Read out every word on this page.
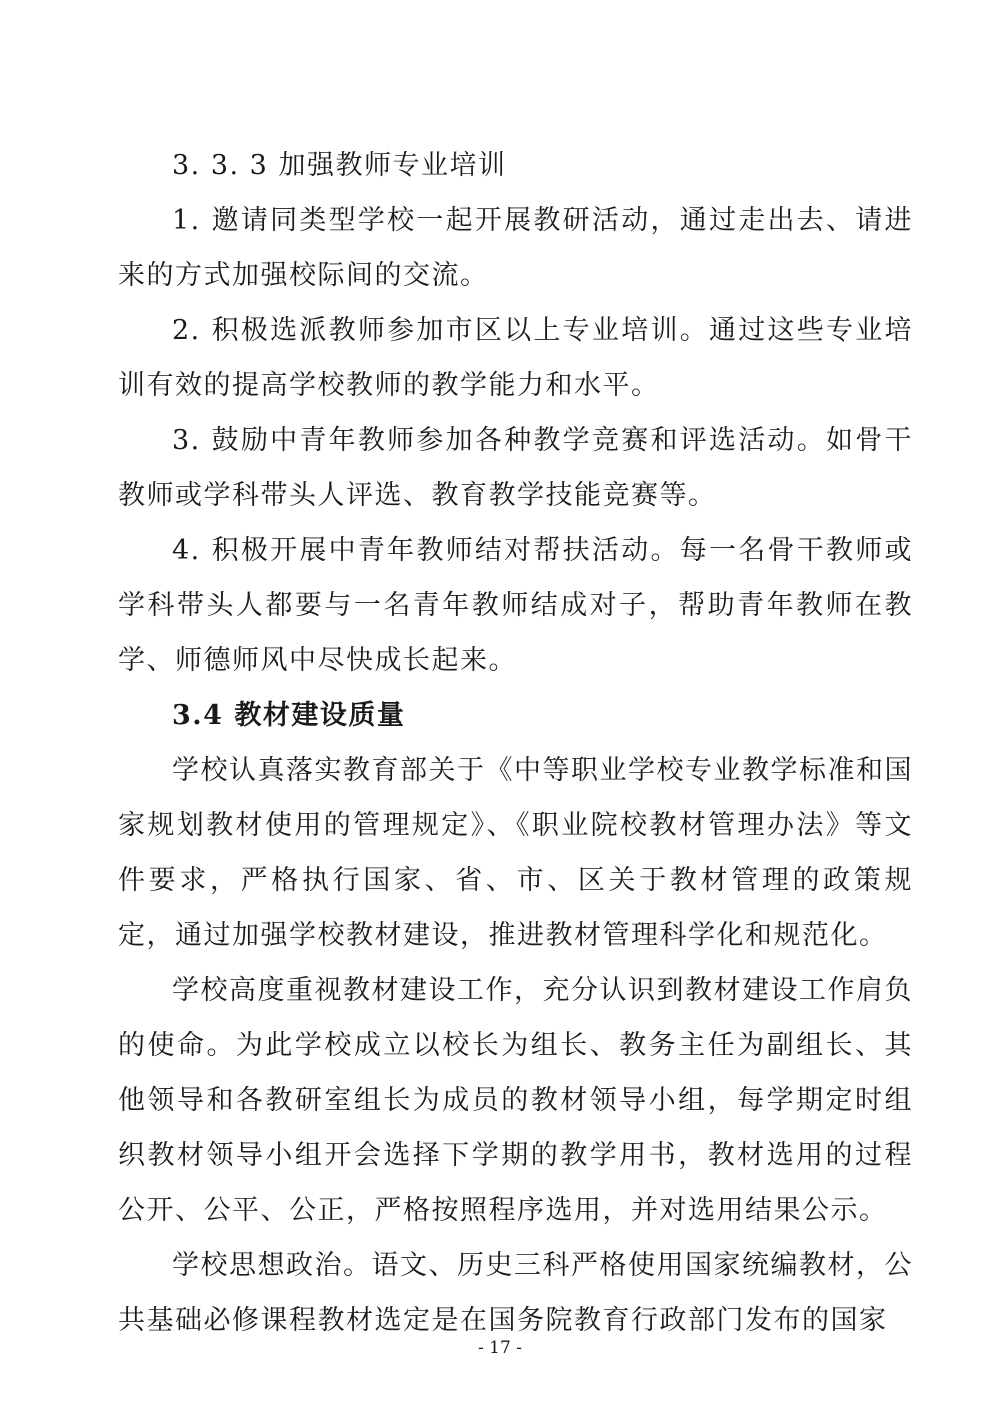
3. 3. 3 加强教师专业培训

1. 邀请同类型学校一起开展教研活动，通过走出去、请进来的方式加强校际间的交流。

2. 积极选派教师参加市区以上专业培训。通过这些专业培训有效的提高学校教师的教学能力和水平。

3. 鼓励中青年教师参加各种教学竞赛和评选活动。如骨干教师或学科带头人评选、教育教学技能竞赛等。

4. 积极开展中青年教师结对帮扶活动。每一名骨干教师或学科带头人都要与一名青年教师结成对子，帮助青年教师在教学、师德师风中尽快成长起来。

3.4 教材建设质量

学校认真落实教育部关于《中等职业学校专业教学标准和国家规划教材使用的管理规定》、《职业院校教材管理办法》等文件要求，严格执行国家、省、市、区关于教材管理的政策规定，通过加强学校教材建设，推进教材管理科学化和规范化。

学校高度重视教材建设工作，充分认识到教材建设工作肩负的使命。为此学校成立以校长为组长、教务主任为副组长、其他领导和各教研室组长为成员的教材领导小组，每学期定时组织教材领导小组开会选择下学期的教学用书，教材选用的过程公开、公平、公正，严格按照程序选用，并对选用结果公示。

学校思想政治。语文、历史三科严格使用国家统编教材，公共基础必修课程教材选定是在国务院教育行政部门发布的国家

- 17 -
